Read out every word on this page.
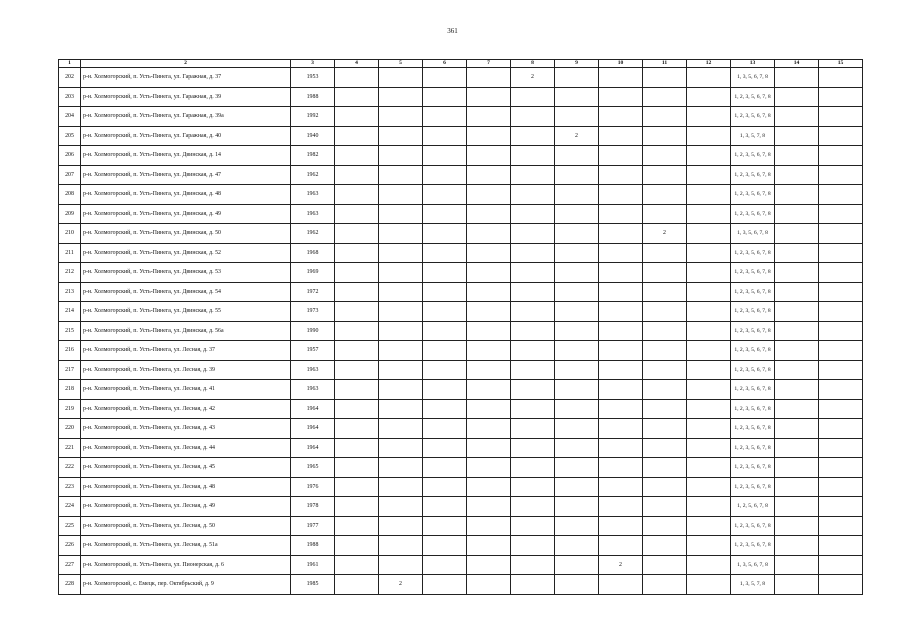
361
1	2	3	4	5	6	7	8	9	10	11	12	13	14	15
202	р-н. Холмогорский, п. Усть-Пинега, ул. Гаражная, д. 37	1953					2					1, 3, 5, 6, 7, 8		
203	р-н. Холмогорский, п. Усть-Пинега, ул. Гаражная, д. 39	1988										1, 2, 3, 5, 6, 7, 8		
204	р-н. Холмогорский, п. Усть-Пинега, ул. Гаражная, д. 39а	1992										1, 2, 3, 5, 6, 7, 8		
205	р-н. Холмогорский, п. Усть-Пинега, ул. Гаражная, д. 40	1940						2				1, 3, 5, 7, 8		
206	р-н. Холмогорский, п. Усть-Пинега, ул. Двинская, д. 14	1982										1, 2, 3, 5, 6, 7, 8		
207	р-н. Холмогорский, п. Усть-Пинега, ул. Двинская, д. 47	1962										1, 2, 3, 5, 6, 7, 8		
208	р-н. Холмогорский, п. Усть-Пинега, ул. Двинская, д. 48	1963										1, 2, 3, 5, 6, 7, 8		
209	р-н. Холмогорский, п. Усть-Пинега, ул. Двинская, д. 49	1963										1, 2, 3, 5, 6, 7, 8		
210	р-н. Холмогорский, п. Усть-Пинега, ул. Двинская, д. 50	1962								2		1, 3, 5, 6, 7, 8		
211	р-н. Холмогорский, п. Усть-Пинега, ул. Двинская, д. 52	1968										1, 2, 3, 5, 6, 7, 8		
212	р-н. Холмогорский, п. Усть-Пинега, ул. Двинская, д. 53	1969										1, 2, 3, 5, 6, 7, 8		
213	р-н. Холмогорский, п. Усть-Пинега, ул. Двинская, д. 54	1972										1, 2, 3, 5, 6, 7, 8		
214	р-н. Холмогорский, п. Усть-Пинега, ул. Двинская, д. 55	1973										1, 2, 3, 5, 6, 7, 8		
215	р-н. Холмогорский, п. Усть-Пинега, ул. Двинская, д. 56а	1990										1, 2, 3, 5, 6, 7, 8		
216	р-н. Холмогорский, п. Усть-Пинега, ул. Лесная, д. 37	1957										1, 2, 3, 5, 6, 7, 8		
217	р-н. Холмогорский, п. Усть-Пинега, ул. Лесная, д. 39	1963										1, 2, 3, 5, 6, 7, 8		
218	р-н. Холмогорский, п. Усть-Пинега, ул. Лесная, д. 41	1963										1, 2, 3, 5, 6, 7, 8		
219	р-н. Холмогорский, п. Усть-Пинега, ул. Лесная, д. 42	1964										1, 2, 3, 5, 6, 7, 8		
220	р-н. Холмогорский, п. Усть-Пинега, ул. Лесная, д. 43	1964										1, 2, 3, 5, 6, 7, 8		
221	р-н. Холмогорский, п. Усть-Пинега, ул. Лесная, д. 44	1964										1, 2, 3, 5, 6, 7, 8		
222	р-н. Холмогорский, п. Усть-Пинега, ул. Лесная, д. 45	1965										1, 2, 3, 5, 6, 7, 8		
223	р-н. Холмогорский, п. Усть-Пинега, ул. Лесная, д. 48	1976										1, 2, 3, 5, 6, 7, 8		
224	р-н. Холмогорский, п. Усть-Пинега, ул. Лесная, д. 49	1978										1, 2, 5, 6, 7, 8		
225	р-н. Холмогорский, п. Усть-Пинега, ул. Лесная, д. 50	1977										1, 2, 3, 5, 6, 7, 8		
226	р-н. Холмогорский, п. Усть-Пинега, ул. Лесная, д. 51а	1988										1, 2, 3, 5, 6, 7, 8		
227	р-н. Холмогорский, п. Усть-Пинега, ул. Пионерская, д. 6	1961							2			1, 3, 5, 6, 7, 8		
228	р-н. Холмогорский, с. Емецк, пер. Октябрьский, д. 9	1985		2								1, 3, 5, 7, 8		
